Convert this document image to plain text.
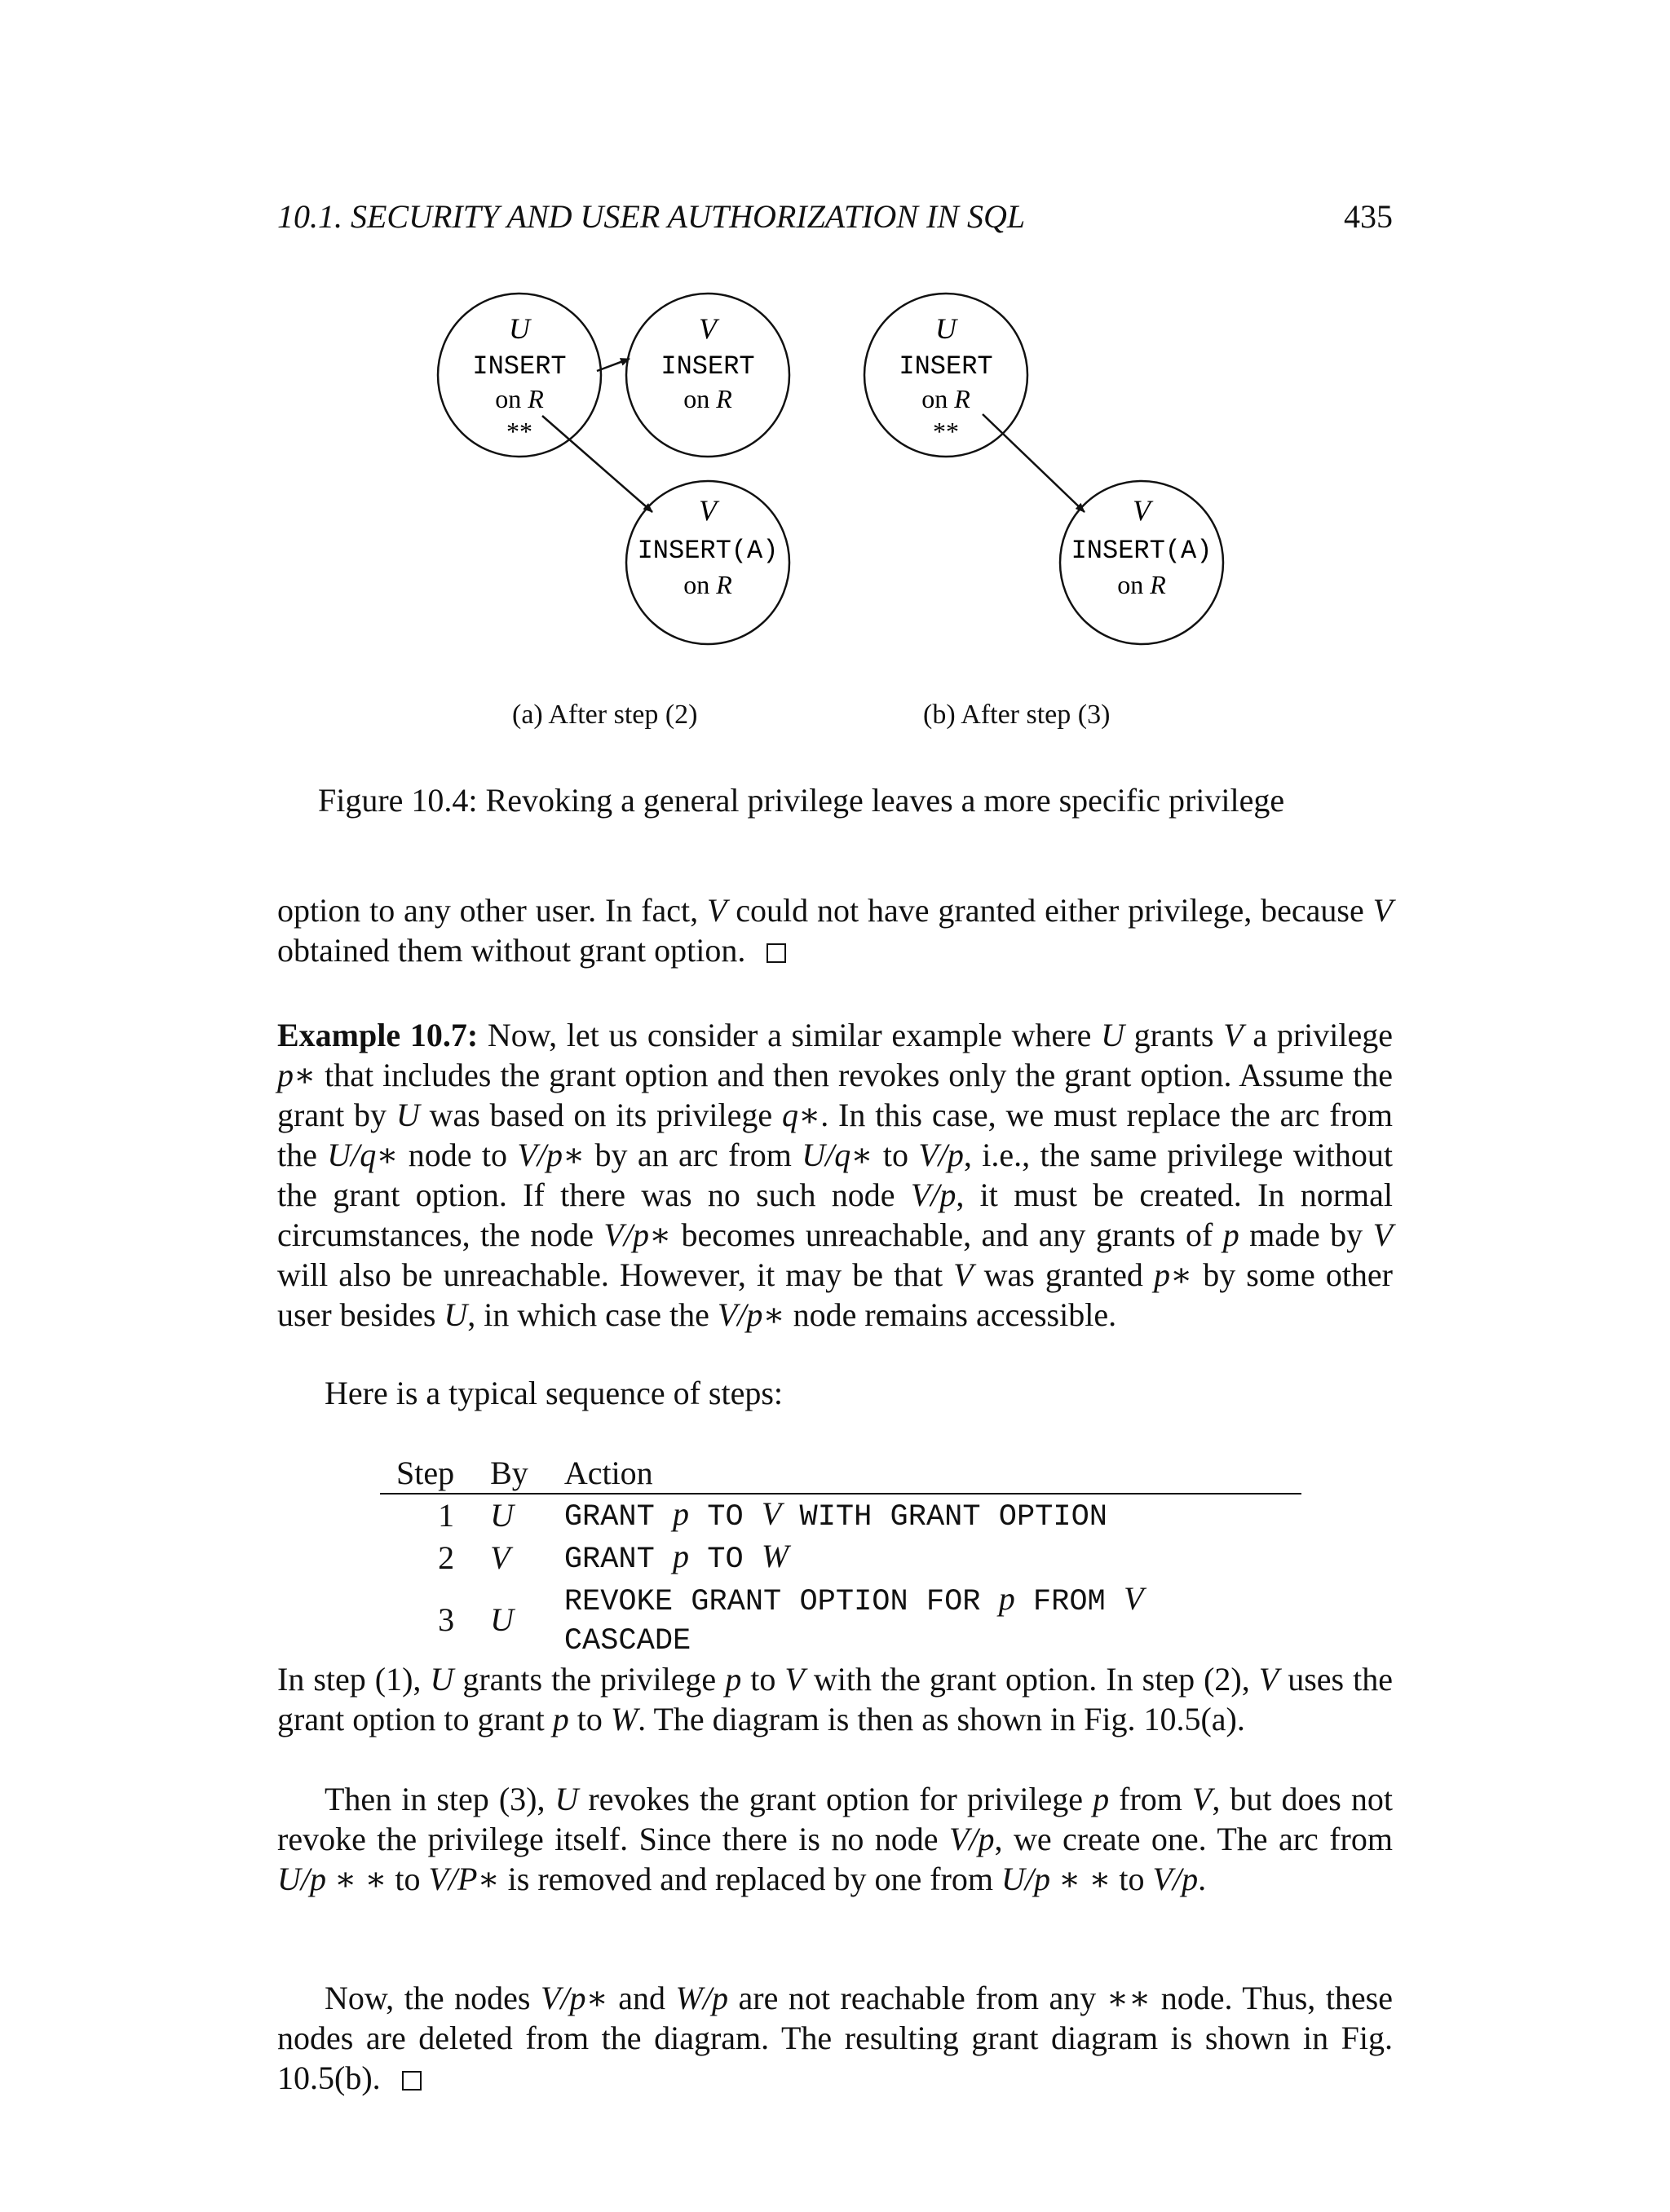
10.1. SECURITY AND USER AUTHORIZATION IN SQL	435
U
INSERT
on R
**
V
INSERT
on R
V
INSERT(A)
on R
U
INSERT
on R
**
V
INSERT(A)
on R
(a) After step (2)	(b) After step (3)
Figure 10.4: Revoking a general privilege leaves a more specific privilege
option to any other user. In fact, V could not have granted either privilege, because V obtained them without grant option.
Example 10.7: Now, let us consider a similar example where U grants V a privilege p∗ that includes the grant option and then revokes only the grant option. Assume the grant by U was based on its privilege q∗. In this case, we must replace the arc from the U/q∗ node to V/p∗ by an arc from U/q∗ to V/p, i.e., the same privilege without the grant option. If there was no such node V/p, it must be created. In normal circumstances, the node V/p∗ becomes unreachable, and any grants of p made by V will also be unreachable. However, it may be that V was granted p∗ by some other user besides U, in which case the V/p∗ node remains accessible.
Here is a typical sequence of steps:
Step	By	Action
1	U	GRANT p TO V WITH GRANT OPTION
2	V	GRANT p TO W
3	U	REVOKE GRANT OPTION FOR p FROM V CASCADE
In step (1), U grants the privilege p to V with the grant option. In step (2), V uses the grant option to grant p to W. The diagram is then as shown in Fig. 10.5(a).
Then in step (3), U revokes the grant option for privilege p from V, but does not revoke the privilege itself. Since there is no node V/p, we create one. The arc from U/p ∗ ∗ to V/P∗ is removed and replaced by one from U/p ∗ ∗ to V/p.
Now, the nodes V/p∗ and W/p are not reachable from any ∗∗ node. Thus, these nodes are deleted from the diagram. The resulting grant diagram is shown in Fig. 10.5(b).
